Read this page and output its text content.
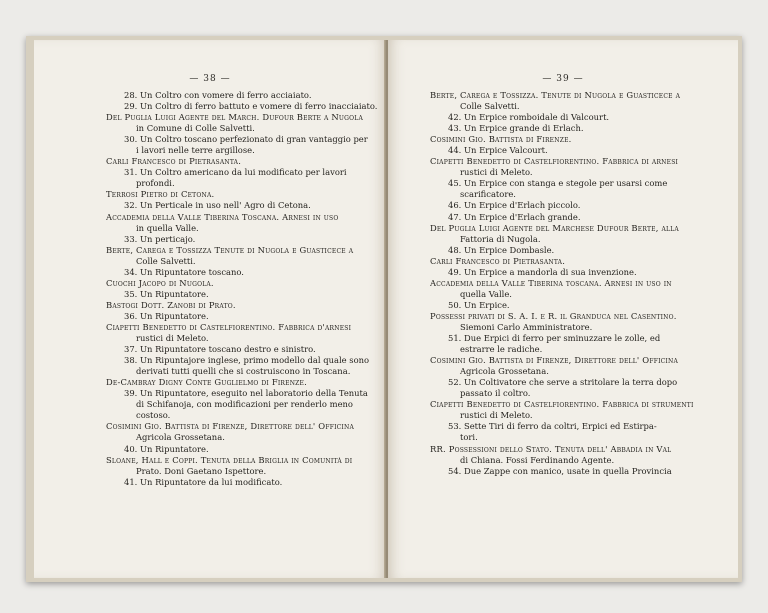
— 38 —
28. Un Coltro con vomere di ferro acciaiato.
29. Un Coltro di ferro battuto e vomere di ferro inacciaiato.
Del Puglia Luigi Agente del March. Dufour Berte a Nugola
in Comune di Colle Salvetti.
30. Un Coltro toscano perfezionato di gran vantaggio per
i lavori nelle terre argillose.
Carli Francesco di Pietrasanta.
31. Un Coltro americano da lui modificato per lavori
profondi.
Terrosi Pietro di Cetona.
32. Un Perticale in uso nell' Agro di Cetona.
Accademia della Valle Tiberina Toscana. Arnesi in uso
in quella Valle.
33. Un perticajo.
Berte, Carega e Tossizza Tenute di Nugola e Guasticece a
Colle Salvetti.
34. Un Ripuntatore toscano.
Cuochi Jacopo di Nugola.
35. Un Ripuntatore.
Bastogi Dott. Zanobi di Prato.
36. Un Ripuntatore.
Ciapetti Benedetto di Castelfiorentino. Fabbrica d'arnesi
rustici di Meleto.
37. Un Ripuntatore toscano destro e sinistro.
38. Un Ripuntajore inglese, primo modello dal quale sono
derivati tutti quelli che si costruiscono in Toscana.
De-Cambray Digny Conte Guglielmo di Firenze.
39. Un Ripuntatore, eseguito nel laboratorio della Tenuta
di Schifanoja, con modificazioni per renderlo meno
costoso.
Cosimini Gio. Battista di Firenze, Direttore dell' Officina
Agricola Grossetana.
40. Un Ripuntatore.
Sloane, Hall e Coppi. Tenuta della Briglia in Comunità di
Prato. Doni Gaetano Ispettore.
41. Un Ripuntatore da lui modificato.
— 39 —
Berte, Carega e Tossizza. Tenute di Nugola e Guasticece a
Colle Salvetti.
42. Un Erpice romboidale di Valcourt.
43. Un Erpice grande di Erlach.
Cosimini Gio. Battista di Firenze.
44. Un Erpice Valcourt.
Ciapetti Benedetto di Castelfiorentino. Fabbrica di arnesi
rustici di Meleto.
45. Un Erpice con stanga e stegole per usarsi come
scarificatore.
46. Un Erpice d'Erlach piccolo.
47. Un Erpice d'Erlach grande.
Del Puglia Luigi Agente del Marchese Dufour Berte, alla
Fattoria di Nugola.
48. Un Erpice Dombasle.
Carli Francesco di Pietrasanta.
49. Un Erpice a mandorla di sua invenzione.
Accademia della Valle Tiberina toscana. Arnesi in uso in
quella Valle.
50. Un Erpice.
Possessi privati di S. A. I. e R. il Granduca nel Casentino.
Siemoni Carlo Amministratore.
51. Due Erpici di ferro per sminuzzare le zolle, ed
estrarre le radiche.
Cosimini Gio. Battista di Firenze, Direttore dell' Officina
Agricola Grossetana.
52. Un Coltivatore che serve a stritolare la terra dopo
passato il coltro.
Ciapetti Benedetto di Castelfiorentino. Fabbrica di strumenti
rustici di Meleto.
53. Sette Tiri di ferro da coltri, Erpici ed Estirpa-
tori.
RR. Possessioni dello Stato. Tenuta dell' Abbadia in Val
di Chiana. Fossi Ferdinando Agente.
54. Due Zappe con manico, usate in quella Provincia
